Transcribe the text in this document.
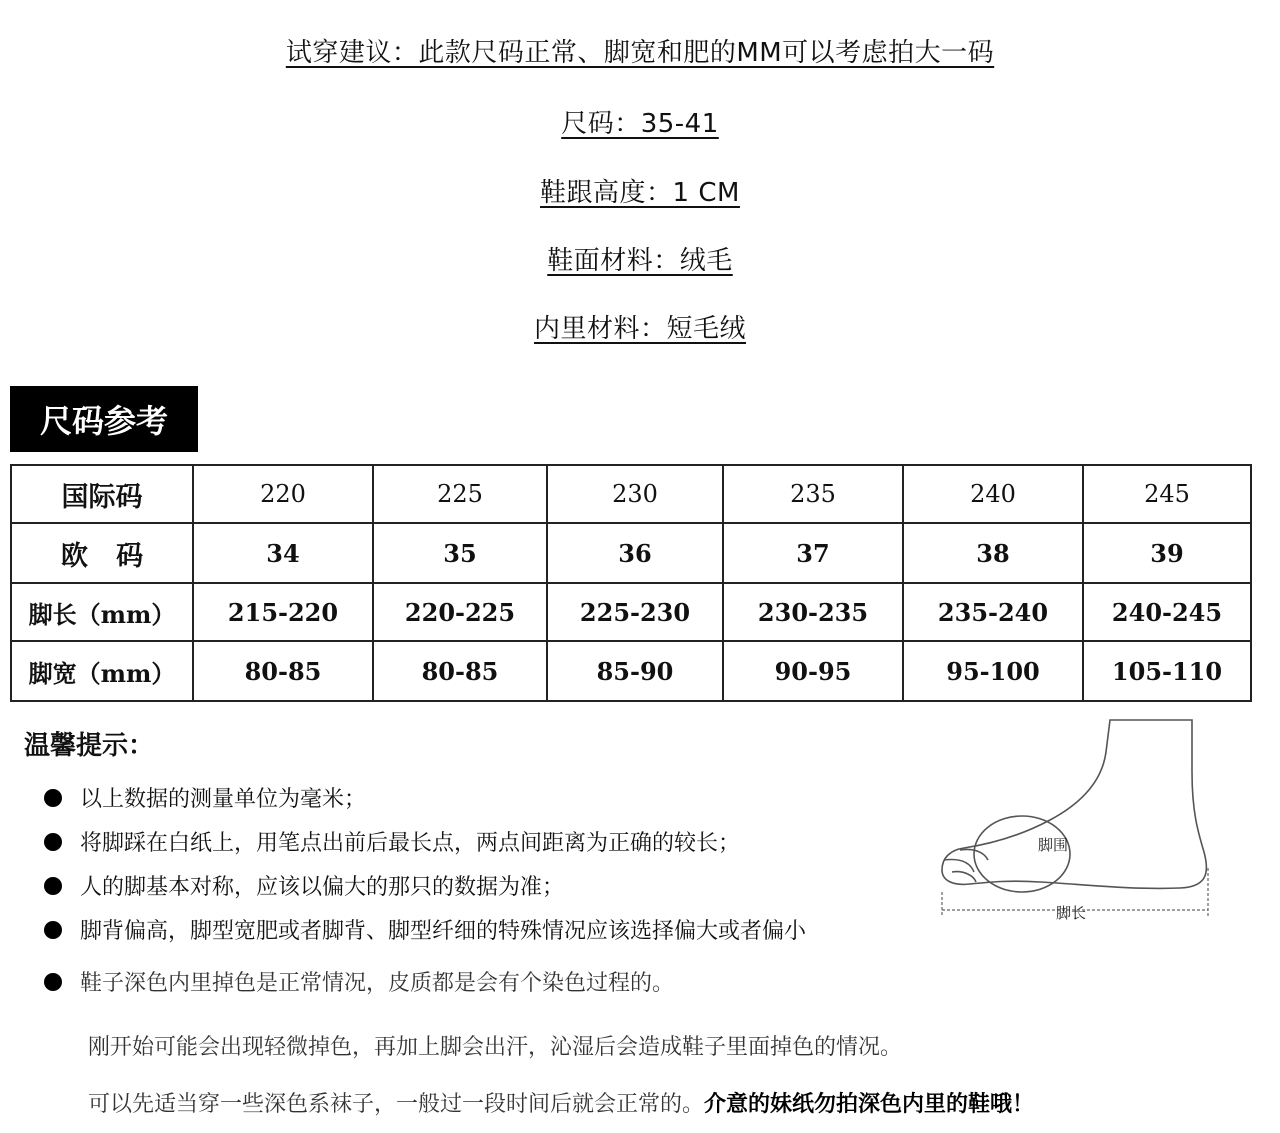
试穿建议：此款尺码正常、脚宽和肥的MM可以考虑拍大一码
尺码：35-41
鞋跟高度：1 CM
鞋面材料：绒毛
内里材料：短毛绒
尺码参考
国际码	220	225	230	235	240	245
欧   码	34	35	36	37	38	39
脚长（mm）	215-220	220-225	225-230	230-235	235-240	240-245
脚宽（mm）	80-85	80-85	85-90	90-95	95-100	105-110
温馨提示：
以上数据的测量单位为毫米；
将脚踩在白纸上，用笔点出前后最长点，两点间距离为正确的较长；
人的脚基本对称，应该以偏大的那只的数据为准；
脚背偏高，脚型宽肥或者脚背、脚型纤细的特殊情况应该选择偏大或者偏小
鞋子深色内里掉色是正常情况，皮质都是会有个染色过程的。
刚开始可能会出现轻微掉色，再加上脚会出汗，沁湿后会造成鞋子里面掉色的情况。
可以先适当穿一些深色系袜子，一般过一段时间后就会正常的。介意的妹纸勿拍深色内里的鞋哦！
脚围
脚长
